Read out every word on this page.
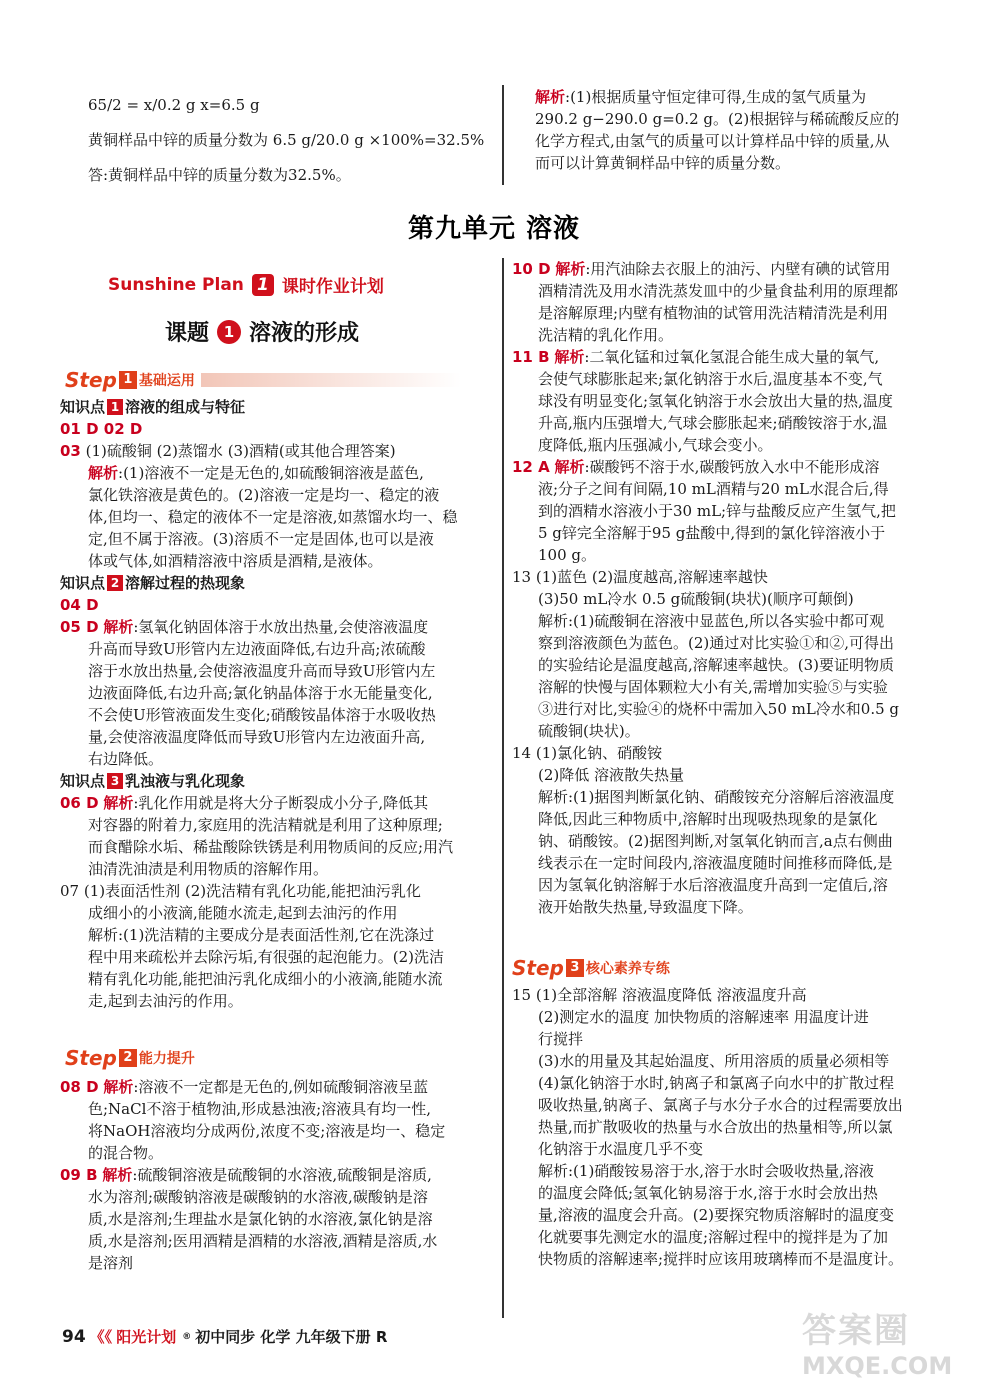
65/2 = x/0.2 g x=6.5 g
黄铜样品中锌的质量分数为 6.5 g/20.0 g ×100%=32.5%
答:黄铜样品中锌的质量分数为32.5%。
解析:(1)根据质量守恒定律可得,生成的氢气质量为
290.2 g−290.0 g=0.2 g。(2)根据锌与稀硫酸反应的
化学方程式,由氢气的质量可以计算样品中锌的质量,从
而可以计算黄铜样品中锌的质量分数。
第九单元 溶液
Sunshine Plan 1 课时作业计划
课题 1 溶液的形成
Step 1 基础运用
知识点 1 溶液的组成与特征
01 D 02 D
03 (1)硫酸铜 (2)蒸馏水 (3)酒精(或其他合理答案)
解析:(1)溶液不一定是无色的,如硫酸铜溶液是蓝色,
氯化铁溶液是黄色的。(2)溶液一定是均一、稳定的液
体,但均一、稳定的液体不一定是溶液,如蒸馏水均一、稳
定,但不属于溶液。(3)溶质不一定是固体,也可以是液
体或气体,如酒精溶液中溶质是酒精,是液体。
知识点 2 溶解过程的热现象
04 D
05 D 解析:氢氧化钠固体溶于水放出热量,会使溶液温度
升高而导致U形管内左边液面降低,右边升高;浓硫酸
溶于水放出热量,会使溶液温度升高而导致U形管内左
边液面降低,右边升高;氯化钠晶体溶于水无能量变化,
不会使U形管液面发生变化;硝酸铵晶体溶于水吸收热
量,会使溶液温度降低而导致U形管内左边液面升高,
右边降低。
知识点 3 乳浊液与乳化现象
06 D 解析:乳化作用就是将大分子断裂成小分子,降低其
对容器的附着力,家庭用的洗洁精就是利用了这种原理;
而食醋除水垢、稀盐酸除铁锈是利用物质间的反应;用汽
油清洗油渍是利用物质的溶解作用。
07 (1)表面活性剂 (2)洗洁精有乳化功能,能把油污乳化
成细小的小液滴,能随水流走,起到去油污的作用
解析:(1)洗洁精的主要成分是表面活性剂,它在洗涤过
程中用来疏松并去除污垢,有很强的起泡能力。(2)洗洁
精有乳化功能,能把油污乳化成细小的小液滴,能随水流
走,起到去油污的作用。
Step 2 能力提升
08 D 解析:溶液不一定都是无色的,例如硫酸铜溶液呈蓝
色;NaCl不溶于植物油,形成悬浊液;溶液具有均一性,
将NaOH溶液均分成两份,浓度不变;溶液是均一、稳定
的混合物。
09 B 解析:硫酸铜溶液是硫酸铜的水溶液,硫酸铜是溶质,
水为溶剂;碳酸钠溶液是碳酸钠的水溶液,碳酸钠是溶
质,水是溶剂;生理盐水是氯化钠的水溶液,氯化钠是溶
质,水是溶剂;医用酒精是酒精的水溶液,酒精是溶质,水
是溶剂
10 D 解析:用汽油除去衣服上的油污、内壁有碘的试管用
酒精清洗及用水清洗蒸发皿中的少量食盐利用的原理都
是溶解原理;内壁有植物油的试管用洗洁精清洗是利用
洗洁精的乳化作用。
11 B 解析:二氧化锰和过氧化氢混合能生成大量的氧气,
会使气球膨胀起来;氯化钠溶于水后,温度基本不变,气
球没有明显变化;氢氧化钠溶于水会放出大量的热,温度
升高,瓶内压强增大,气球会膨胀起来;硝酸铵溶于水,温
度降低,瓶内压强减小,气球会变小。
12 A 解析:碳酸钙不溶于水,碳酸钙放入水中不能形成溶
液;分子之间有间隔,10 mL酒精与20 mL水混合后,得
到的酒精水溶液小于30 mL;锌与盐酸反应产生氢气,把
5 g锌完全溶解于95 g盐酸中,得到的氯化锌溶液小于
100 g。
13 (1)蓝色 (2)温度越高,溶解速率越快
(3)50 mL冷水 0.5 g硫酸铜(块状)(顺序可颠倒)
解析:(1)硫酸铜在溶液中显蓝色,所以各实验中都可观
察到溶液颜色为蓝色。(2)通过对比实验①和②,可得出
的实验结论是温度越高,溶解速率越快。(3)要证明物质
溶解的快慢与固体颗粒大小有关,需增加实验⑤与实验
③进行对比,实验④的烧杯中需加入50 mL冷水和0.5 g
硫酸铜(块状)。
14 (1)氯化钠、硝酸铵
(2)降低 溶液散失热量
解析:(1)据图判断氯化钠、硝酸铵充分溶解后溶液温度
降低,因此三种物质中,溶解时出现吸热现象的是氯化
钠、硝酸铵。(2)据图判断,对氢氧化钠而言,a点右侧曲
线表示在一定时间段内,溶液温度随时间推移而降低,是
因为氢氧化钠溶解于水后溶液温度升高到一定值后,溶
液开始散失热量,导致温度下降。
Step 3 核心素养专练
15 (1)全部溶解 溶液温度降低 溶液温度升高
(2)测定水的温度 加快物质的溶解速率 用温度计进
行搅拌
(3)水的用量及其起始温度、所用溶质的质量必须相等
(4)氯化钠溶于水时,钠离子和氯离子向水中的扩散过程
吸收热量,钠离子、氯离子与水分子水合的过程需要放出
热量,而扩散吸收的热量与水合放出的热量相等,所以氯
化钠溶于水温度几乎不变
解析:(1)硝酸铵易溶于水,溶于水时会吸收热量,溶液
的温度会降低;氢氧化钠易溶于水,溶于水时会放出热
量,溶液的温度会升高。(2)要探究物质溶解时的温度变
化就要事先测定水的温度;溶解过程中的搅拌是为了加
快物质的溶解速率;搅拌时应该用玻璃棒而不是温度计。
94 《《 阳光计划 ® 初中同步 化学 九年级下册 R	答案圈
MXQE.COM
